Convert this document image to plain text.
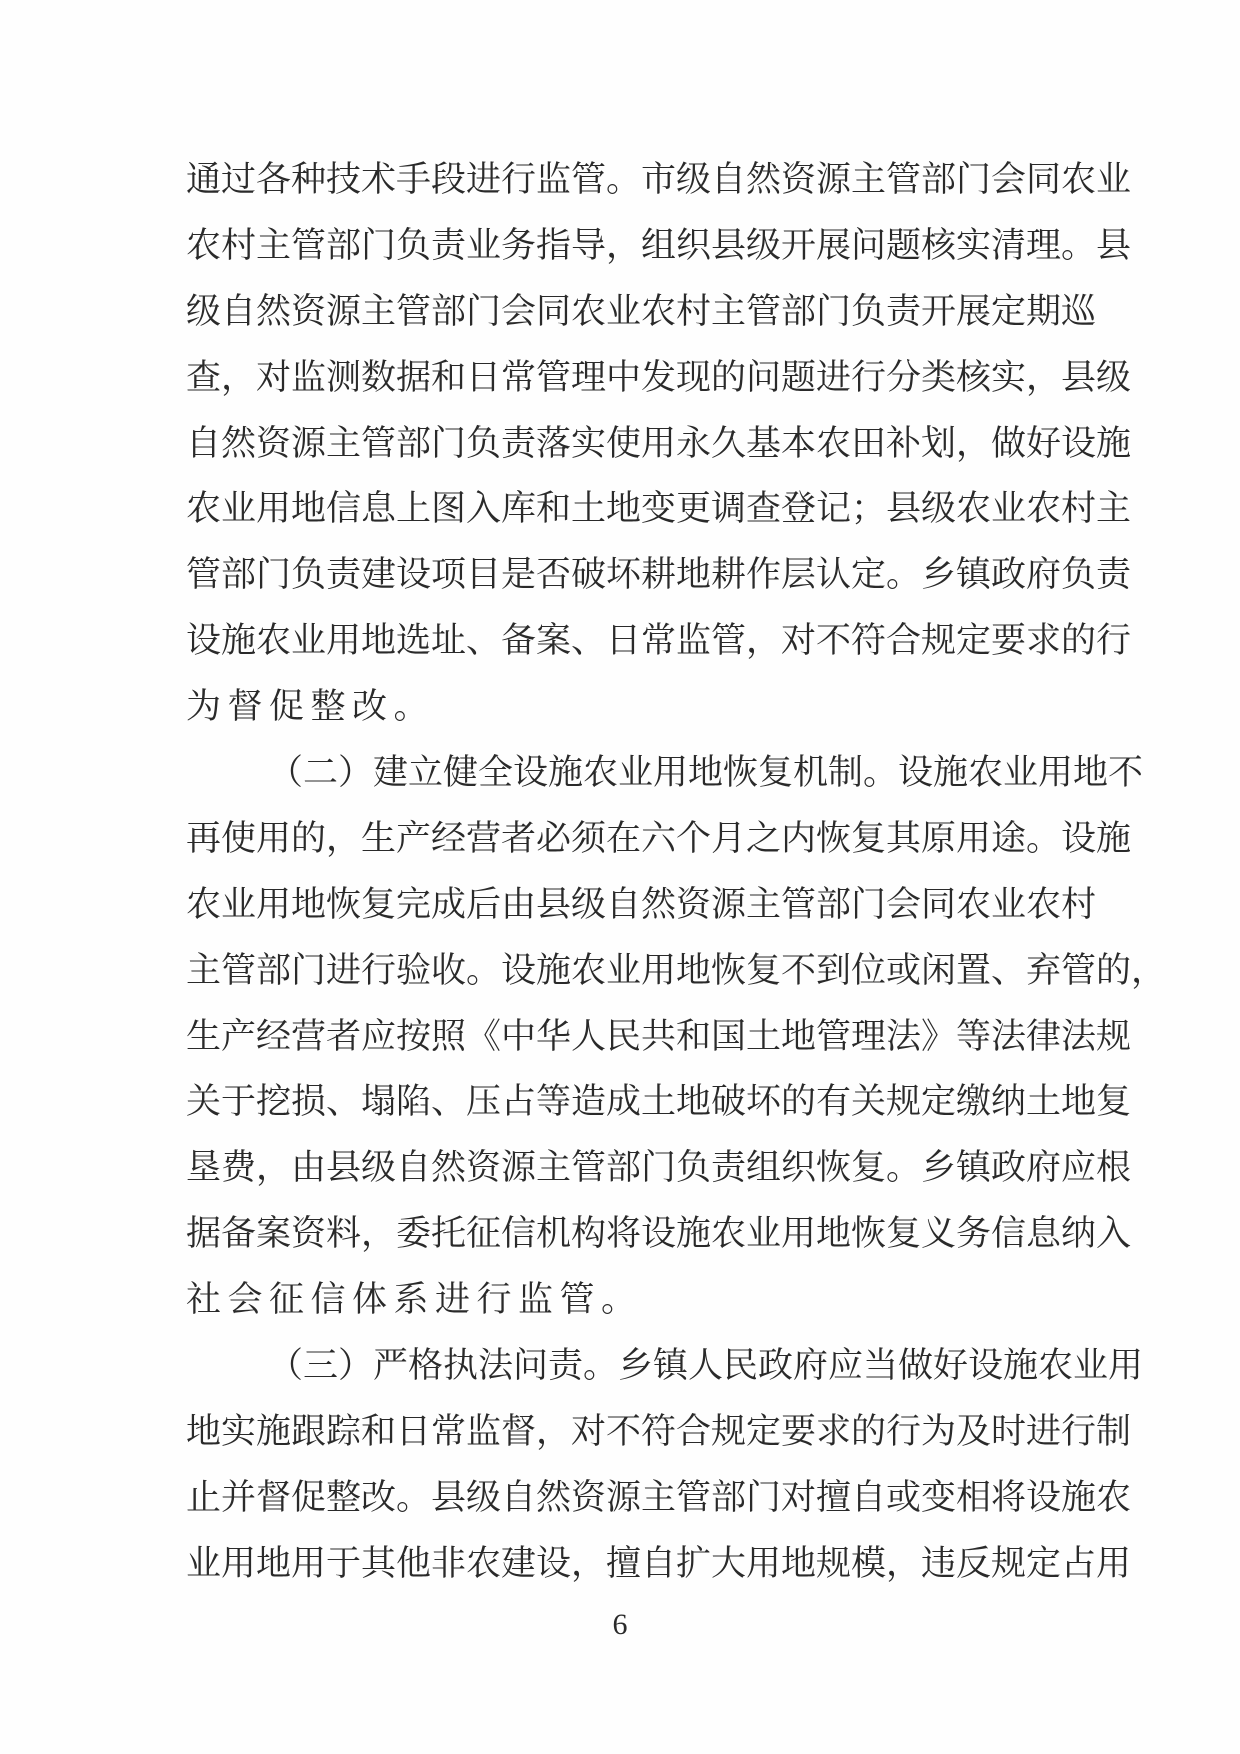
通过各种技术手段进行监管。市级自然资源主管部门会同农业
农村主管部门负责业务指导，组织县级开展问题核实清理。县
级自然资源主管部门会同农业农村主管部门负责开展定期巡
查，对监测数据和日常管理中发现的问题进行分类核实，县级
自然资源主管部门负责落实使用永久基本农田补划，做好设施
农业用地信息上图入库和土地变更调查登记；县级农业农村主
管部门负责建设项目是否破坏耕地耕作层认定。乡镇政府负责
设施农业用地选址、备案、日常监管，对不符合规定要求的行
为督促整改。
（二）建立健全设施农业用地恢复机制。设施农业用地不
再使用的，生产经营者必须在六个月之内恢复其原用途。设施
农业用地恢复完成后由县级自然资源主管部门会同农业农村
主管部门进行验收。设施农业用地恢复不到位或闲置、弃管的，
生产经营者应按照《中华人民共和国土地管理法》等法律法规
关于挖损、塌陷、压占等造成土地破坏的有关规定缴纳土地复
垦费，由县级自然资源主管部门负责组织恢复。乡镇政府应根
据备案资料，委托征信机构将设施农业用地恢复义务信息纳入
社会征信体系进行监管。
（三）严格执法问责。乡镇人民政府应当做好设施农业用
地实施跟踪和日常监督，对不符合规定要求的行为及时进行制
止并督促整改。县级自然资源主管部门对擅自或变相将设施农
业用地用于其他非农建设，擅自扩大用地规模，违反规定占用
6
